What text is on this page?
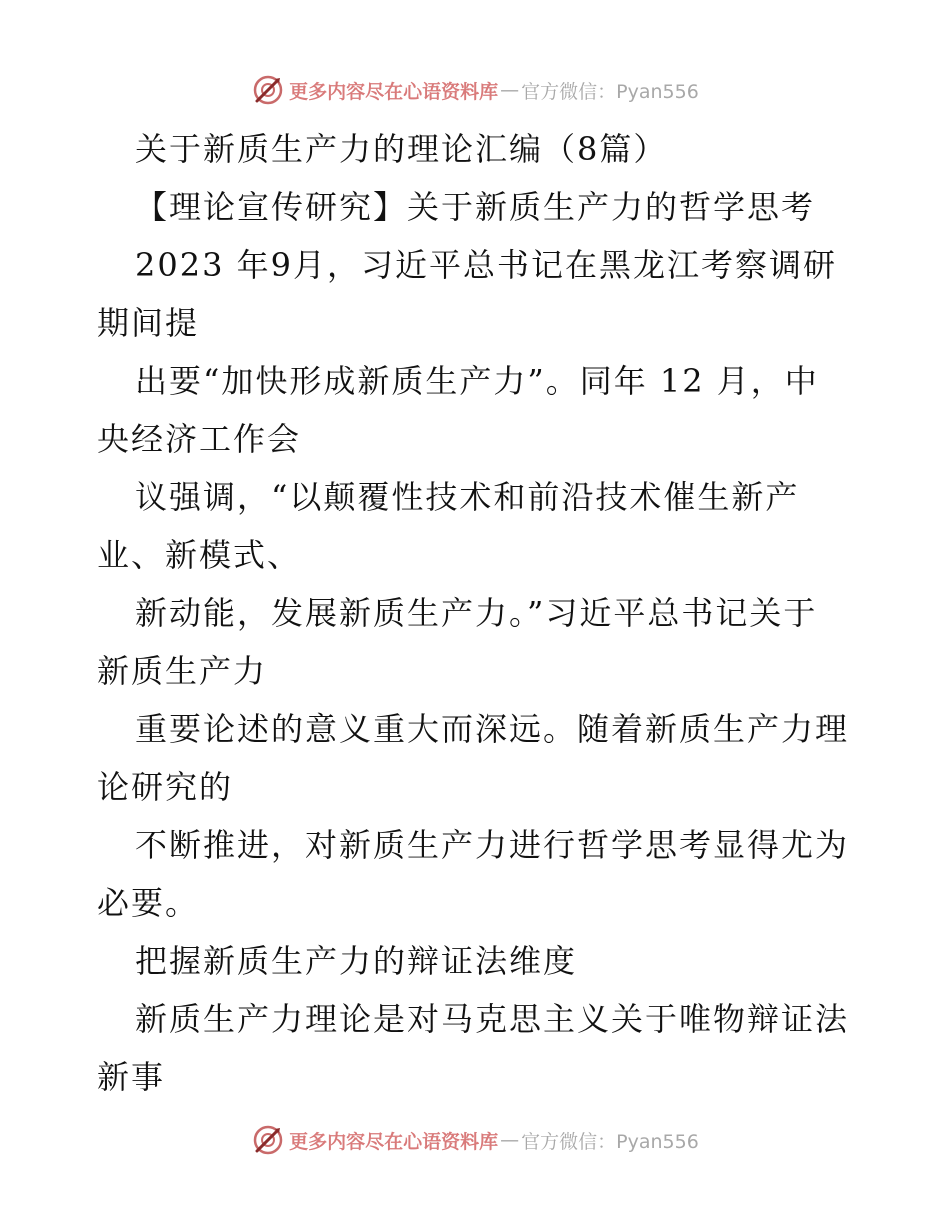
更多内容尽在心语资料库 — 官方微信：Pyan556
关于新质生产力的理论汇编（8篇）
【理论宣传研究】关于新质生产力的哲学思考
2023 年9月，习近平总书记在黑龙江考察调研
期间提
出要“加快形成新质生产力”。同年 12 月，中
央经济工作会
议强调，“以颠覆性技术和前沿技术催生新产
业、新模式、
新动能，发展新质生产力。”习近平总书记关于
新质生产力
重要论述的意义重大而深远。随着新质生产力理
论研究的
不断推进，对新质生产力进行哲学思考显得尤为
必要。
把握新质生产力的辩证法维度
新质生产力理论是对马克思主义关于唯物辩证法
新事
更多内容尽在心语资料库 — 官方微信：Pyan556
